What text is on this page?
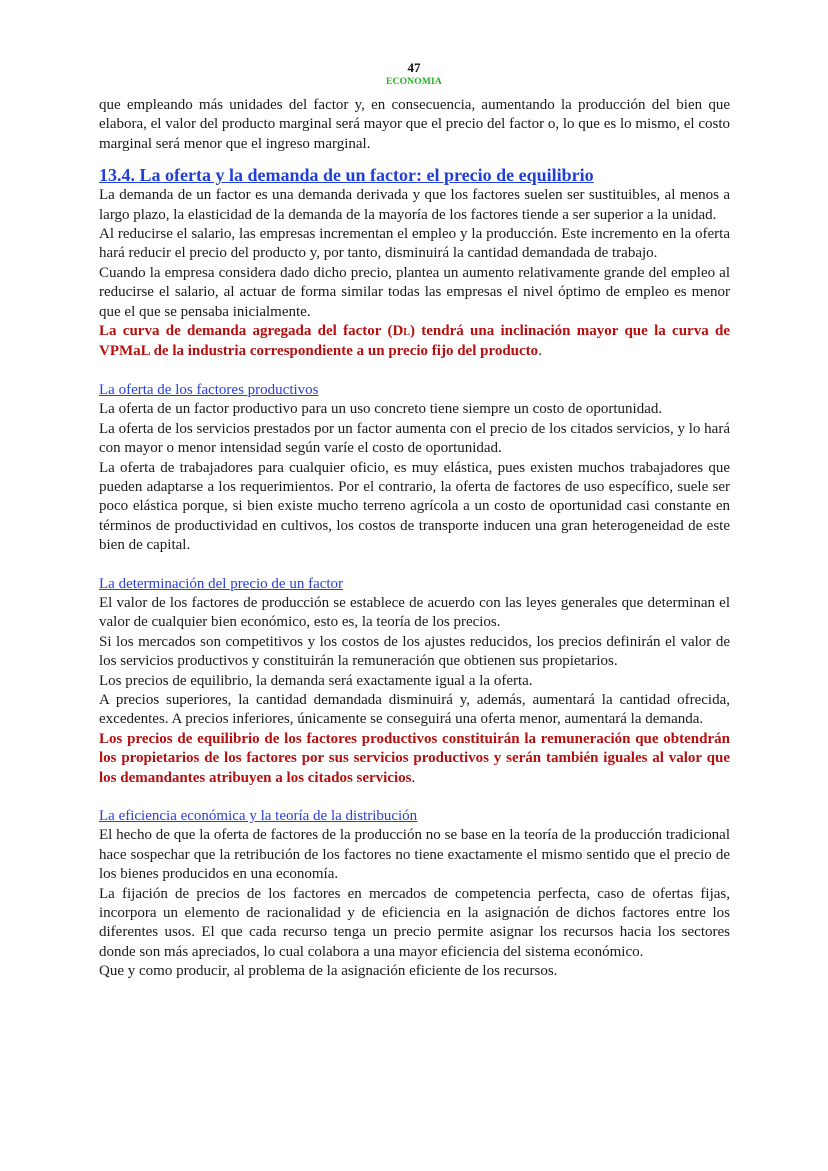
47
ECONOMIA

que empleando más unidades del factor y, en consecuencia, aumentando la producción del bien que elabora, el valor del producto marginal será mayor que el precio del factor o, lo que es lo mismo, el costo marginal será menor que el ingreso marginal.

13.4. La oferta y la demanda de un factor: el precio de equilibrio

La demanda de un factor es una demanda derivada y que los factores suelen ser sustituibles, al menos a largo plazo, la elasticidad de la demanda de la mayoría de los factores tiende a ser superior a la unidad.

Al reducirse el salario, las empresas incrementan el empleo y la producción. Este incremento en la oferta hará reducir el precio del producto y, por tanto, disminuirá la cantidad demandada de trabajo.

Cuando la empresa considera dado dicho precio, plantea un aumento relativamente grande del empleo al reducirse el salario, al actuar de forma similar todas las empresas el nivel óptimo de empleo es menor que el que se pensaba inicialmente.

La curva de demanda agregada del factor (DL) tendrá una inclinación mayor que la curva de VPMaL de la industria correspondiente a un precio fijo del producto.

La oferta de los factores productivos

La oferta de un factor productivo para un uso concreto tiene siempre un costo de oportunidad.

La oferta de los servicios prestados por un factor aumenta con el precio de los citados servicios, y lo hará con mayor o menor intensidad según varíe el costo de oportunidad.

La oferta de trabajadores para cualquier oficio, es muy elástica, pues existen muchos trabajadores que pueden adaptarse a los requerimientos. Por el contrario, la oferta de factores de uso específico, suele ser poco elástica porque, si bien existe mucho terreno agrícola a un costo de oportunidad casi constante en términos de productividad en cultivos, los costos de transporte inducen una gran heterogeneidad de este bien de capital.

La determinación del precio de un factor

El valor de los factores de producción se establece de acuerdo con las leyes generales que determinan el valor de cualquier bien económico, esto es, la teoría de los precios.

Si los mercados son competitivos y los costos de los ajustes reducidos, los precios definirán el valor de los servicios productivos y constituirán la remuneración que obtienen sus propietarios.

Los precios de equilibrio, la demanda será exactamente igual a la oferta.

A precios superiores, la cantidad demandada disminuirá y, además, aumentará la cantidad ofrecida, excedentes. A precios inferiores, únicamente se conseguirá una oferta menor, aumentará la demanda.

Los precios de equilibrio de los factores productivos constituirán la remuneración que obtendrán los propietarios de los factores por sus servicios productivos y serán también iguales al valor que los demandantes atribuyen a los citados servicios.

La eficiencia económica y la teoría de la distribución

El hecho de que la oferta de factores de la producción no se base en la teoría de la producción tradicional hace sospechar que la retribución de los factores no tiene exactamente el mismo sentido que el precio de los bienes producidos en una economía.

La fijación de precios de los factores en mercados de competencia perfecta, caso de ofertas fijas, incorpora un elemento de racionalidad y de eficiencia en la asignación de dichos factores entre los diferentes usos. El que cada recurso tenga un precio permite asignar los recursos hacia los sectores donde son más apreciados, lo cual colabora a una mayor eficiencia del sistema económico.

Que y como producir, al problema de la asignación eficiente de los recursos.
